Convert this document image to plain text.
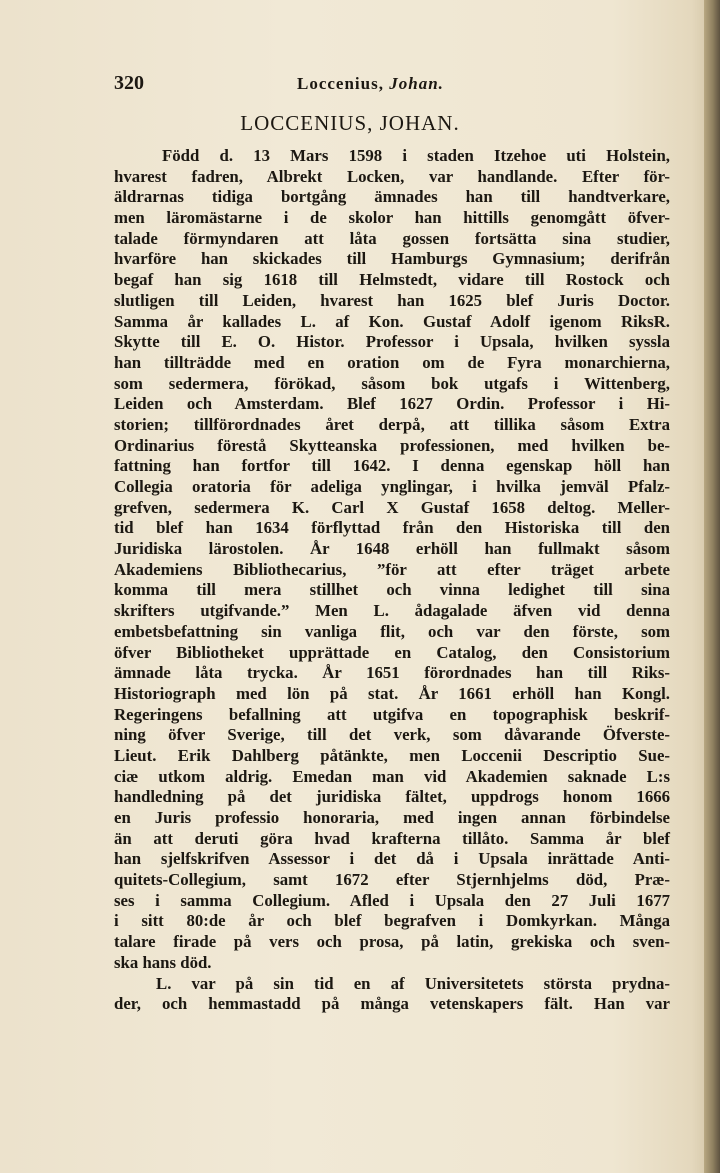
320	Loccenius, Johan.
LOCCENIUS, JOHAN.
Född d. 13 Mars 1598 i staden Itzehoe uti Holstein,
hvarest fadren, Albrekt Locken, var handlande. Efter för-
äldrarnas tidiga bortgång ämnades han till handtverkare,
men läromästarne i de skolor han hittills genomgått öfver-
talade förmyndaren att låta gossen fortsätta sina studier,
hvarföre han skickades till Hamburgs Gymnasium; derifrån
begaf han sig 1618 till Helmstedt, vidare till Rostock och
slutligen till Leiden, hvarest han 1625 blef Juris Doctor.
Samma år kallades L. af Kon. Gustaf Adolf igenom RiksR.
Skytte till E. O. Histor. Professor i Upsala, hvilken syssla
han tillträdde med en oration om de Fyra monarchierna,
som sedermera, förökad, såsom bok utgafs i Wittenberg,
Leiden och Amsterdam. Blef 1627 Ordin. Professor i Hi-
storien; tillförordnades året derpå, att tillika såsom Extra
Ordinarius förestå Skytteanska professionen, med hvilken be-
fattning han fortfor till 1642. I denna egenskap höll han
Collegia oratoria för adeliga ynglingar, i hvilka jemväl Pfalz-
grefven, sedermera K. Carl X Gustaf 1658 deltog. Meller-
tid blef han 1634 förflyttad från den Historiska till den
Juridiska lärostolen. År 1648 erhöll han fullmakt såsom
Akademiens Bibliothecarius, ”för att efter träget arbete
komma till mera stillhet och vinna ledighet till sina
skrifters utgifvande.” Men L. ådagalade äfven vid denna
embetsbefattning sin vanliga flit, och var den förste, som
öfver Bibliotheket upprättade en Catalog, den Consistorium
ämnade låta trycka. År 1651 förordnades han till Riks-
Historiograph med lön på stat. År 1661 erhöll han Kongl.
Regeringens befallning att utgifva en topographisk beskrif-
ning öfver Sverige, till det verk, som dåvarande Öfverste-
Lieut. Erik Dahlberg påtänkte, men Loccenii Descriptio Sue-
ciæ utkom aldrig. Emedan man vid Akademien saknade L:s
handledning på det juridiska fältet, uppdrogs honom 1666
en Juris professio honoraria, med ingen annan förbindelse
än att deruti göra hvad krafterna tillåto. Samma år blef
han sjelfskrifven Assessor i det då i Upsala inrättade Anti-
quitets-Collegium, samt 1672 efter Stjernhjelms död, Præ-
ses i samma Collegium. Afled i Upsala den 27 Juli 1677
i sitt 80:de år och blef begrafven i Domkyrkan. Många
talare firade på vers och prosa, på latin, grekiska och sven-
ska hans död.
L. var på sin tid en af Universitetets största prydna-
der, och hemmastadd på många vetenskapers fält. Han var
